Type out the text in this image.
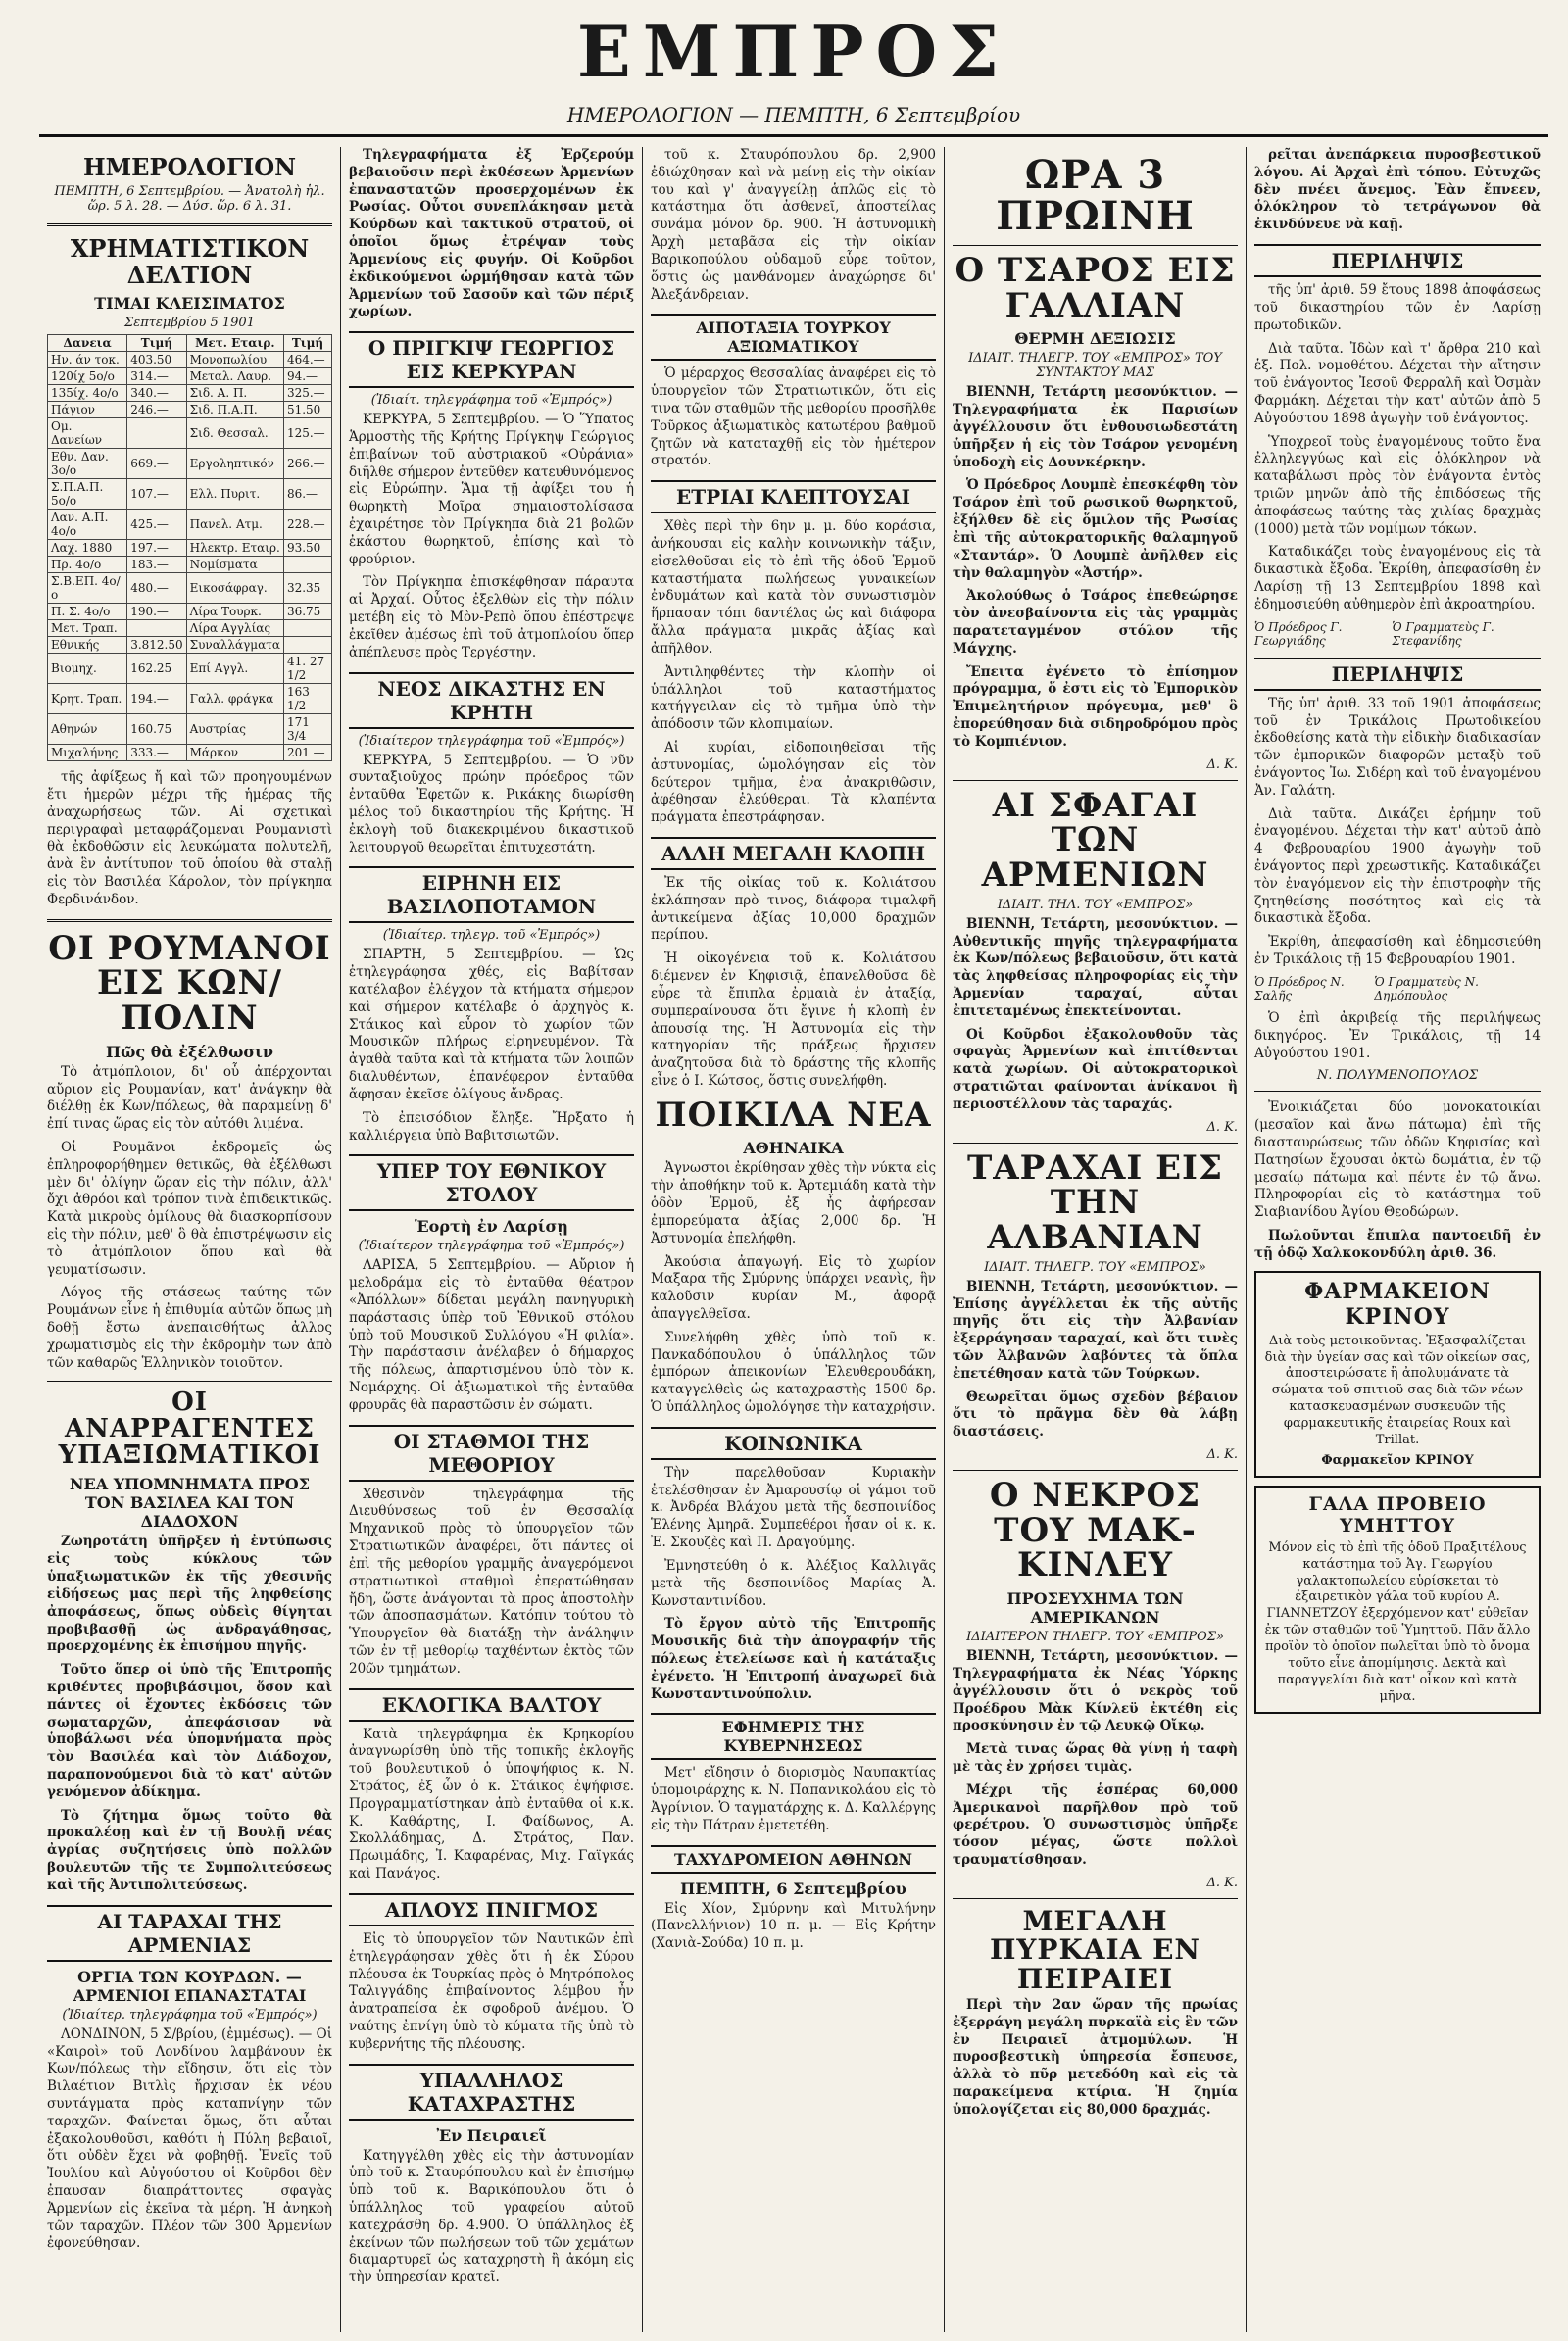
ΕΜΠΡΟΣ
ΗΜΕΡΟΛΟΓΙΟΝ — ΠΕΜΠΤΗ, 6 Σεπτεμβρίου
ΗΜΕΡΟΛΟΓΙΟΝ
ΠΕΜΠΤΗ, 6 Σεπτεμβρίου. — Ἀνατολὴ ἡλ. ὥρ. 5 λ. 28. — Δύσ. ὥρ. 6 λ. 31.
ΧΡΗΜΑΤΙΣΤΙΚΟΝ ΔΕΛΤΙΟΝ
ΤΙΜΑΙ ΚΛΕΙΣΙΜΑΤΟΣ
Σεπτεμβρίου 5 1901
Δανεια	Τιμή	Μετ. Εταιρ.	Τιμή
Ην. άν τοκ.	403.50	Μονοπωλίου	464.—
120ίχ 5ο/ο	314.—	Μεταλ. Λαυρ.	94.—
135ίχ. 4ο/ο	340.—	Σιδ. Α. Π.	325.—
Πάγιον	246.—	Σιδ. Π.Α.Π.	51.50
Ομ. Δανείων		Σιδ. Θεσσαλ.	125.—
Εθν. Δαν. 3ο/ο	669.—	Εργοληπτικόν	266.—
Σ.Π.Α.Π. 5ο/ο	107.—	Ελλ. Πυριτ.	86.—
Λαν. Α.Π. 4ο/ο	425.—	Πανελ. Ατμ.	228.—
Λαχ. 1880	197.—	Ηλεκτρ. Εταιρ.	93.50
Πρ. 4ο/ο	183.—	Νομίσματα	
Σ.Β.ΕΠ. 4ο/ο	480.—	Εικοσάφραγ.	32.35
Π. Σ. 4ο/ο	190.—	Λίρα Τουρκ.	36.75
Μετ. Τραπ.		Λίρα Αγγλίας	
Εθνικής	3.812.50	Συναλλάγματα	
Βιομηχ.	162.25	Επί Αγγλ.	41. 27 1/2
Κρητ. Τραπ.	194.—	Γαλλ. φράγκα	163 1/2
Αθηνών	160.75	Αυστρίας	171 3/4
Μιχαλήνης	333.—	Μάρκον	201 —
τῆς ἀφίξεως ἤ καὶ τῶν προηγουμένων ἔτι ἡμερῶν μέχρι τῆς ἡμέρας τῆς ἀναχωρήσεως τῶν. Αἱ σχετικαὶ περιγραφαὶ μεταφράζομεναι Ρουμανιστὶ θὰ ἐκδοθῶσιν εἰς λευκώματα πολυτελῆ, ἀνὰ ἓν ἀντίτυπον τοῦ ὁποίου θὰ σταλῇ εἰς τὸν Βασιλέα Κάρολον, τὸν πρίγκηπα Φερδινάνδον.
ΟΙ ΡΟΥΜΑΝΟΙ ΕΙΣ ΚΩΝ/ΠΟΛΙΝ
Πῶς θὰ ἐξέλθωσιν
Τὸ ἀτμόπλοιον, δι' οὗ ἀπέρχονται αὔριον εἰς Ρουμανίαν, κατ' ἀνάγκην θὰ διέλθῃ ἐκ Κων/πόλεως, θὰ παραμείνῃ δ' ἐπί τινας ὥρας εἰς τὸν αὐτόθι λιμένα.
Οἱ Ρουμᾶνοι ἐκδρομεῖς ὡς ἐπληροφορήθημεν θετικῶς, θὰ ἐξέλθωσι μὲν δι' ὀλίγην ὥραν εἰς τὴν πόλιν, ἀλλ' ὄχι ἀθρόοι καὶ τρόπον τινὰ ἐπιδεικτικῶς. Κατὰ μικροὺς ὁμίλους θὰ διασκορπίσουν εἰς τὴν πόλιν, μεθ' ὃ θὰ ἐπιστρέψωσιν εἰς τὸ ἀτμόπλοιον ὅπου καὶ θὰ γευματίσωσιν.
Λόγος τῆς στάσεως ταύτης τῶν Ρουμάνων εἶνε ἡ ἐπιθυμία αὐτῶν ὅπως μὴ δοθῇ ἔστω ἀνεπαισθήτως ἀλλος χρωματισμὸς εἰς τὴν ἐκδρομὴν των ἀπὸ τῶν καθαρῶς Ἑλληνικὸν τοιοῦτον.
ΟΙ ΑΝΑΡΡΑΓΕΝΤΕΣ ΥΠΑΞΙΩΜΑΤΙΚΟΙ
ΝΕΑ ΥΠΟΜΝΗΜΑΤΑ ΠΡΟΣ ΤΟΝ ΒΑΣΙΛΕΑ ΚΑΙ ΤΟΝ ΔΙΑΔΟΧΟΝ
Ζωηροτάτη ὑπῆρξεν ἡ ἐντύπωσις εἰς τοὺς κύκλους τῶν ὑπαξιωματικῶν ἐκ τῆς χθεσινῆς εἰδήσεως μας περὶ τῆς ληφθείσης ἀποφάσεως, ὅπως οὐδεὶς θίγηται προβιβασθῇ ὡς ἀνδραγάθησας, προερχομένης ἐκ ἐπισήμου πηγῆς.
Τοῦτο ὅπερ οἱ ὑπὸ τῆς Ἐπιτροπῆς κριθέντες προβιβάσιμοι, ὅσον καὶ πάντες οἱ ἔχοντες ἐκδόσεις τῶν σωματαρχῶν, ἀπεφάσισαν νὰ ὑποβάλωσι νέα ὑπομνήματα πρὸς τὸν Βασιλέα καὶ τὸν Διάδοχον, παραπονούμενοι διὰ τὸ κατ' αὐτῶν γενόμενον ἀδίκημα.
Τὸ ζήτημα ὅμως τοῦτο θὰ προκαλέσῃ καὶ ἐν τῇ Βουλῇ νέας ἀγρίας συζητήσεις ὑπὸ πολλῶν βουλευτῶν τῆς τε Συμπολιτεύσεως καὶ τῆς Ἀντιπολιτεύσεως.
ΑΙ ΤΑΡΑΧΑΙ ΤΗΣ ΑΡΜΕΝΙΑΣ
ΟΡΓΙΑ ΤΩΝ ΚΟΥΡΔΩΝ. — ΑΡΜΕΝΙΟΙ ΕΠΑΝΑΣΤΑΤΑΙ
(Ἰδιαίτερ. τηλεγράφημα τοῦ «Ἐμπρός»)
ΛΟΝΔΙΝΟΝ, 5 Σ/βρίου, (ἐμμέσως). — Οἱ «Καιροὶ» τοῦ Λονδίνου λαμβάνουν ἐκ Κων/πόλεως τὴν εἴδησιν, ὅτι εἰς τὸν Βιλαέτιον Βιτλὶς ἤρχισαν ἐκ νέου συντάγματα πρὸς καταπνίγην τῶν ταραχῶν. Φαίνεται ὅμως, ὅτι αὗται ἐξακολουθοῦσι, καθότι ἡ Πύλη βεβαιοῖ, ὅτι οὐδὲν ἔχει νὰ φοβηθῇ. Ἐνεῖς τοῦ Ἰουλίου καὶ Αὐγούστου οἱ Κοῦρδοι δὲν ἐπαυσαν διαπράττοντες σφαγὰς Ἀρμενίων εἰς ἐκεῖνα τὰ μέρη. Ἡ ἀνηκοὴ τῶν ταραχῶν. Πλέον τῶν 300 Ἀρμενίων ἐφονεύθησαν.
Τηλεγραφήματα ἐξ Ἐρζερούμ βεβαιοῦσιν περὶ ἐκθέσεων Ἀρμενίων ἐπαναστατῶν προσερχομένων ἐκ Ρωσίας. Οὗτοι συνεπλάκησαν μετὰ Κούρδων καὶ τακτικοῦ στρατοῦ, οἱ ὁποῖοι ὅμως ἐτρέψαν τοὺς Ἀρμενίους εἰς φυγήν. Οἱ Κοῦρδοι ἐκδικούμενοι ὡρμήθησαν κατὰ τῶν Ἀρμενίων τοῦ Σασοῦν καὶ τῶν πέριξ χωρίων.
Ο ΠΡΙΓΚΙΨ ΓΕΩΡΓΙΟΣ ΕΙΣ ΚΕΡΚΥΡΑΝ
(Ἰδιαίτ. τηλεγράφημα τοῦ «Ἐμπρός»)
ΚΕΡΚΥΡΑ, 5 Σεπτεμβρίου. — Ὁ Ὕπατος Ἁρμοστὴς τῆς Κρήτης Πρίγκηψ Γεώργιος ἐπιβαίνων τοῦ αὐστριακοῦ «Οὐράνια» διῆλθε σήμερον ἐντεῦθεν κατευθυνόμενος εἰς Εὐρώπην. Ἅμα τῇ ἀφίξει του ἡ θωρηκτὴ Μοῖρα σημαιοστολίσασα ἐχαιρέτησε τὸν Πρίγκηπα διὰ 21 βολῶν ἐκάστου θωρηκτοῦ, ἐπίσης καὶ τὸ φρούριον.
Τὸν Πρίγκηπα ἐπισκέφθησαν πάραυτα αἱ Ἀρχαί. Οὗτος ἐξελθὼν εἰς τὴν πόλιν μετέβη εἰς τὸ Μὸν-Ρεπὸ ὅπου ἐπέστρεψε ἐκεῖθεν ἀμέσως ἐπὶ τοῦ ἀτμοπλοίου ὅπερ ἀπέπλευσε πρὸς Τεργέστην.
ΝΕΟΣ ΔΙΚΑΣΤΗΣ ΕΝ ΚΡΗΤΗ
(Ἰδιαίτερον τηλεγράφημα τοῦ «Ἐμπρός»)
ΚΕΡΚΥΡΑ, 5 Σεπτεμβρίου. — Ὁ νῦν συνταξιοῦχος πρώην πρόεδρος τῶν ἐνταῦθα Ἐφετῶν κ. Ρικάκης διωρίσθη μέλος τοῦ δικαστηρίου τῆς Κρήτης. Ἡ ἐκλογὴ τοῦ διακεκριμένου δικαστικοῦ λειτουργοῦ θεωρεῖται ἐπιτυχεστάτη.
ΕΙΡΗΝΗ ΕΙΣ ΒΑΣΙΛΟΠΟΤΑΜΟΝ
(Ἰδιαίτερ. τηλεγρ. τοῦ «Ἐμπρός»)
ΣΠΑΡΤΗ, 5 Σεπτεμβρίου. — Ὡς ἐτηλεγράφησα χθές, εἰς Βαβίτσαν κατέλαβον ἐλέγχον τὰ κτήματα σήμερον καὶ σήμερον κατέλαβε ὁ ἀρχηγὸς κ. Στάικος καὶ εὗρον τὸ χωρίον τῶν Μουσικῶν πλήρως εἰρηνευμένον. Τὰ ἀγαθὰ ταῦτα καὶ τὰ κτήματα τῶν λοιπῶν διαλυθέντων, ἐπανέφερον ἐνταῦθα ἄφησαν ἐκεῖσε ὀλίγους ἄνδρας.
Τὸ ἐπεισόδιον ἔληξε. Ἤρξατο ἡ καλλιέργεια ὑπὸ Βαβιτσιωτῶν.
ΥΠΕΡ ΤΟΥ ΕΘΝΙΚΟΥ ΣΤΟΛΟΥ
Ἑορτὴ ἐν Λαρίσῃ
(Ἰδιαίτερον τηλεγράφημα τοῦ «Ἐμπρός»)
ΛΑΡΙΣΑ, 5 Σεπτεμβρίου. — Αὔριον ἡ μελοδράμα εἰς τὸ ἐνταῦθα θέατρον «Ἀπόλλων» δίδεται μεγάλη πανηγυρικὴ παράστασις ὑπὲρ τοῦ Ἐθνικοῦ στόλου ὑπὸ τοῦ Μουσικοῦ Συλλόγου «Ἡ φιλία». Τὴν παράστασιν ἀνέλαβεν ὁ δήμαρχος τῆς πόλεως, ἀπαρτισμένου ὑπὸ τὸν κ. Νομάρχης. Οἱ ἀξιωματικοὶ τῆς ἐνταῦθα φρουρᾶς θὰ παραστῶσιν ἐν σώματι.
ΟΙ ΣΤΑΘΜΟΙ ΤΗΣ ΜΕΘΟΡΙΟΥ
Χθεσινὸν τηλεγράφημα τῆς Διευθύνσεως τοῦ ἐν Θεσσαλίᾳ Μηχανικοῦ πρὸς τὸ ὑπουργεῖον τῶν Στρατιωτικῶν ἀναφέρει, ὅτι πάντες οἱ ἐπὶ τῆς μεθορίου γραμμῆς ἀναγερόμενοι στρατιωτικοὶ σταθμοὶ ἐπερατώθησαν ἤδη, ὥστε ἀνάγονται τὰ προς ἀποστολὴν τῶν ἀποσπασμάτων. Κατόπιν τούτου τὸ Ὑπουργεῖον θὰ διατάξῃ τὴν ἀνάληψιν τῶν ἐν τῇ μεθορίῳ ταχθέντων ἐκτὸς τῶν 20ῶν τμημάτων.
ΕΚΛΟΓΙΚΑ ΒΑΛΤΟΥ
Κατὰ τηλεγράφημα ἐκ Κρηκορίου ἀναγνωρίσθη ὑπὸ τῆς τοπικῆς ἐκλογῆς τοῦ βουλευτικοῦ ὁ ὑποψήφιος κ. Ν. Στράτος, ἐξ ὧν ὁ κ. Στάικος ἐψήφισε. Προγραμματίστηκαν ἀπὸ ἐνταῦθα οἱ κ.κ. Κ. Καθάρτης, Ι. Φαίδωνος, Α. Σκολλάδημας, Δ. Στράτος, Παν. Πρωιμάδης, Ἰ. Καφαρένας, Μιχ. Γαϊγκάς καὶ Πανάγος.
ΑΠΛΟΥΣ ΠΝΙΓΜΟΣ
Εἰς τὸ ὑπουργεῖον τῶν Ναυτικῶν ἐπὶ ἐτηλεγράφησαν χθὲς ὅτι ἡ ἐκ Σύρου πλέουσα ἐκ Τουρκίας πρὸς ὁ Μητρόπολος Ταλιγγάδης ἐπιβαίνοντος λέμβου ἦν ἀνατραπείσα ἐκ σφοδροῦ ἀνέμου. Ὁ ναύτης ἐπνίγη ὑπὸ τὸ κύματα τῆς ὑπὸ τὸ κυβερνήτης τῆς πλέουσης.
ΥΠΑΛΛΗΛΟΣ ΚΑΤΑΧΡΑΣΤΗΣ
Ἐν Πειραιεῖ
Κατηγγέλθη χθὲς εἰς τὴν ἀστυνομίαν ὑπὸ τοῦ κ. Σταυρόπουλου καὶ ἐν ἐπισήμῳ ὑπὸ τοῦ κ. Βαρικόπουλου ὅτι ὁ ὑπάλληλος τοῦ γραφείου αὐτοῦ κατεχράσθη δρ. 4.900. Ὁ ὑπάλληλος ἐξ ἐκείνων τῶν πωλήσεων τοῦ τῶν χεμάτων διαμαρτυρεῖ ὡς καταχρηστὴ ἢ ἀκόμη εἰς τὴν ὑπηρεσίαν κρατεῖ.
τοῦ κ. Σταυρόπουλου δρ. 2,900 ἐδιώχθησαν καὶ νὰ μείνῃ εἰς τὴν οἰκίαν του καὶ γ' ἀναγγείλῃ ἁπλῶς εἰς τὸ κατάστημα ὅτι ἀσθενεῖ, ἀποστείλας συνάμα μόνον δρ. 900. Ἡ ἀστυνομικὴ Ἀρχὴ μεταβᾶσα εἰς τὴν οἰκίαν Βαρικοπούλου οὐδαμοῦ εὗρε τοῦτον, ὅστις ὡς μανθάνομεν ἀναχώρησε δι' Ἀλεξάνδρειαν.
ΑΙΠΟΤΑΞΙΑ ΤΟΥΡΚΟΥ ΑΞΙΩΜΑΤΙΚΟΥ
Ὁ μέραρχος Θεσσαλίας ἀναφέρει εἰς τὸ ὑπουργεῖον τῶν Στρατιωτικῶν, ὅτι εἰς τινα τῶν σταθμῶν τῆς μεθορίου προσῆλθε Τοῦρκος ἀξιωματικὸς κατωτέρου βαθμοῦ ζητῶν νὰ καταταχθῇ εἰς τὸν ἡμέτερον στρατόν.
ΕΤΡΙΑΙ ΚΛΕΠΤΟΥΣΑΙ
Χθὲς περὶ τὴν 6ην μ. μ. δύο κοράσια, ἀνήκουσαι εἰς καλὴν κοινωνικὴν τάξιν, εἰσελθοῦσαι εἰς τὸ ἐπὶ τῆς ὁδοῦ Ἑρμοῦ καταστήματα πωλήσεως γυναικείων ἐνδυμάτων καὶ κατὰ τὸν συνωστισμὸν ἥρπασαν τόπι δαντέλας ὡς καὶ διάφορα ἄλλα πράγματα μικρᾶς ἀξίας καὶ ἀπῆλθον.
Ἀντιληφθέντες τὴν κλοπὴν οἱ ὑπάλληλοι τοῦ καταστήματος κατήγγειλαν εἰς τὸ τμῆμα ὑπὸ τὴν ἀπόδοσιν τῶν κλοπιμαίων.
Αἱ κυρίαι, εἰδοποιηθεῖσαι τῆς ἀστυνομίας, ὡμολόγησαν εἰς τὸν δεύτερον τμῆμα, ἐνα ἀνακριθῶσιν, ἀφέθησαν ἐλεύθεραι. Τὰ κλαπέντα πράγματα ἐπεστράφησαν.
ΑΛΛΗ ΜΕΓΑΛΗ ΚΛΟΠΗ
Ἐκ τῆς οἰκίας τοῦ κ. Κολιάτσου ἐκλάπησαν πρὸ τινος, διάφορα τιμαλφῆ ἀντικείμενα ἀξίας 10,000 δραχμῶν περίπου.
Ἡ οἰκογένεια τοῦ κ. Κολιάτσου διέμενεν ἐν Κηφισιᾷ, ἐπανελθοῦσα δὲ εὗρε τὰ ἔπιπλα ἐρμαιὰ ἐν ἀταξίᾳ, συμπεραίνουσα ὅτι ἔγινε ἡ κλοπὴ ἐν ἀπουσίᾳ της. Ἡ Ἀστυνομία εἰς τὴν κατηγορίαν τῆς πράξεως ἤρχισεν ἀναζητοῦσα διὰ τὸ δράστης τῆς κλοπῆς εἶνε ὁ Ι. Κώτσος, ὅστις συνελήφθη.
ΠΟΙΚΙΛΑ ΝΕΑ
ΑΘΗΝΑΙΚΑ
Ἀγνωστοι ἐκρίθησαν χθὲς τὴν νύκτα εἰς τὴν ἀποθήκην τοῦ κ. Ἀρτεμιάδη κατὰ τὴν ὁδὸν Ἑρμοῦ, ἐξ ἧς ἀφήρεσαν ἐμπορεύματα ἀξίας 2,000 δρ. Ἡ Ἀστυνομία ἐπελήφθη.
Ἀκούσια ἀπαγωγή. Εἰς τὸ χωρίον Μαξαρα τῆς Σμύρνης ὑπάρχει νεανὶς, ἣν καλοῦσιν κυρίαν Μ., ἀφορᾷ ἀπαγγελθεῖσα.
Συνελήφθη χθὲς ὑπὸ τοῦ κ. Πανκαδόπουλου ὁ ὑπάλληλος τῶν ἐμπόρων ἀπεικονίων Ἐλευθερουδάκη, καταγγελθεὶς ὡς καταχραστὴς 1500 δρ. Ὁ ὑπάλληλος ὡμολόγησε τὴν καταχρήσιν.
ΚΟΙΝΩΝΙΚΑ
Τὴν παρελθοῦσαν Κυριακὴν ἐτελέσθησαν ἐν Ἀμαρουσίῳ οἱ γάμοι τοῦ κ. Ἀνδρέα Βλάχου μετὰ τῆς δεσποινίδος Ἑλένης Ἀμηρᾶ. Συμπεθέροι ἦσαν οἱ κ. κ. Ἐ. Σκουζὲς καὶ Π. Δραγούμης.
Ἐμνηστεύθη ὁ κ. Ἀλέξιος Καλλιγᾶς μετὰ τῆς δεσποινίδος Μαρίας Ἀ. Κωνσταντινίδου.
Τὸ ἔργον αὐτὸ τῆς Ἐπιτροπῆς Μουσικῆς διὰ τὴν ἀπογραφήν τῆς πόλεως ἐτελείωσε καὶ ἡ κατάταξις ἐγένετο. Ἡ Ἐπιτροπή ἀναχωρεῖ διὰ Κωνσταντινούπολιν.
ΕΦΗΜΕΡΙΣ ΤΗΣ ΚΥΒΕΡΝΗΣΕΩΣ
Μετ' εἴδησιν ὁ διορισμὸς Ναυπακτίας ὑπομοιράρχης κ. Ν. Παπανικολάου εἰς τὸ Ἀγρίνιον. Ὁ ταγματάρχης κ. Δ. Καλλέργης εἰς τὴν Πάτραν ἐμετετέθη.
ΤΑΧΥΔΡΟΜΕΙΟΝ ΑΘΗΝΩΝ
ΠΕΜΠΤΗ, 6 Σεπτεμβρίου
Εἰς Χίον, Σμύρνην καὶ Μιτυλήνην (Πανελλήνιον) 10 π. μ. — Εἰς Κρήτην (Χανιὰ-Σούδα) 10 π. μ.
ΩΡΑ 3 ΠΡΩΙΝΗ
Ο ΤΣΑΡΟΣ ΕΙΣ ΓΑΛΛΙΑΝ
ΘΕΡΜΗ ΔΕΞΙΩΣΙΣ
ΙΔΙΑΙΤ. ΤΗΛΕΓΡ. ΤΟΥ «ΕΜΠΡΟΣ» ΤΟΥ ΣΥΝΤΑΚΤΟΥ ΜΑΣ
ΒΙΕΝΝΗ, Τετάρτη μεσονύκτιον. — Τηλεγραφήματα ἐκ Παρισίων ἀγγέλλουσιν ὅτι ἐνθουσιωδεστάτη ὑπῆρξεν ἡ εἰς τὸν Τσάρον γενομένη ὑποδοχὴ εἰς Δουνκέρκην.
Ὁ Πρόεδρος Λουμπὲ ἐπεσκέφθη τὸν Τσάρον ἐπὶ τοῦ ρωσικοῦ θωρηκτοῦ, ἐξήλθεν δὲ εἰς ὅμιλον τῆς Ρωσίας ἐπὶ τῆς αὐτοκρατορικῆς θαλαμηγοῦ «Σταντάρ». Ὁ Λουμπὲ ἀνῆλθεν εἰς τὴν θαλαμηγὸν «Ἀστήρ».
Ἀκολούθως ὁ Τσάρος ἐπεθεώρησε τὸν ἀνεσβαίνοντα εἰς τὰς γραμμὰς παρατεταγμένον στόλον τῆς Μάγχης.
Ἔπειτα ἐγένετο τὸ ἐπίσημον πρόγραμμα, ὅ ἐστι εἰς τὸ Ἐμπορικὸν Ἐπιμελητήριον πρόγευμα, μεθ' ὃ ἐπορεύθησαν διὰ σιδηροδρόμου πρὸς τὸ Κομπιένιον.
Δ. Κ.
ΑΙ ΣΦΑΓΑΙ ΤΩΝ ΑΡΜΕΝΙΩΝ
ΙΔΙΑΙΤ. ΤΗΛ. ΤΟΥ «ΕΜΠΡΟΣ»
ΒΙΕΝΝΗ, Τετάρτη, μεσονύκτιον. — Αὐθεντικῆς πηγῆς τηλεγραφήματα ἐκ Κων/πόλεως βεβαιοῦσιν, ὅτι κατὰ τὰς ληφθείσας πληροφορίας εἰς τὴν Ἀρμενίαν ταραχαί, αὗται ἐπιτεταμένως ἐπεκτείνονται.
Οἱ Κοῦρδοι ἐξακολουθοῦν τὰς σφαγὰς Ἀρμενίων καὶ ἐπιτίθενται κατὰ χωρίων. Οἱ αὐτοκρατορικοὶ στρατιῶται φαίνονται ἀνίκανοι ἢ περιοστέλλουν τὰς ταραχάς.
Δ. Κ.
ΤΑΡΑΧΑΙ ΕΙΣ ΤΗΝ ΑΛΒΑΝΙΑΝ
ΙΔΙΑΙΤ. ΤΗΛΕΓΡ. ΤΟΥ «ΕΜΠΡΟΣ»
ΒΙΕΝΝΗ, Τετάρτη, μεσονύκτιον. — Ἐπίσης ἀγγέλλεται ἐκ τῆς αὐτῆς πηγῆς ὅτι εἰς τὴν Ἀλβανίαν ἐξερράγησαν ταραχαί, καὶ ὅτι τινὲς τῶν Ἀλβανῶν λαβόντες τὰ ὅπλα ἐπετέθησαν κατὰ τῶν Τούρκων.
Θεωρεῖται ὅμως σχεδὸν βέβαιον ὅτι τὸ πρᾶγμα δὲν θὰ λάβῃ διαστάσεις.
Δ. Κ.
Ο ΝΕΚΡΟΣ ΤΟΥ ΜΑΚ-ΚΙΝΛΕΥ
ΠΡΟΣΕΥΧΗΜΑ ΤΩΝ ΑΜΕΡΙΚΑΝΩΝ
ΙΔΙΑΙΤΕΡΟΝ ΤΗΛΕΓΡ. ΤΟΥ «ΕΜΠΡΟΣ»
ΒΙΕΝΝΗ, Τετάρτη, μεσονύκτιον. — Τηλεγραφήματα ἐκ Νέας Ὑόρκης ἀγγέλλουσιν ὅτι ὁ νεκρὸς τοῦ Προέδρου Μὰκ Κίνλεϋ ἐκτέθη εἰς προσκύνησιν ἐν τῷ Λευκῷ Οἴκῳ.
Μετὰ τινας ὥρας θὰ γίνῃ ἡ ταφὴ μὲ τὰς ἐν χρήσει τιμὰς.
Μέχρι τῆς ἑσπέρας 60,000 Ἀμερικανοὶ παρῆλθον πρὸ τοῦ φερέτρου. Ὁ συνωστισμὸς ὑπῆρξε τόσον μέγας, ὥστε πολλοὶ τραυματίσθησαν.
Δ. Κ.
ΜΕΓΑΛΗ ΠΥΡΚΑΙΑ ΕΝ ΠΕΙΡΑΙΕΙ
Περὶ τὴν 2αν ὥραν τῆς πρωίας ἐξερράγη μεγάλη πυρκαϊὰ εἰς ἓν τῶν ἐν Πειραιεῖ ἀτμομύλων. Ἡ πυροσβεστικὴ ὑπηρεσία ἔσπευσε, ἀλλὰ τὸ πῦρ μετεδόθη καὶ εἰς τὰ παρακείμενα κτίρια. Ἡ ζημία ὑπολογίζεται εἰς 80,000 δραχμάς.
ρεῖται ἀνεπάρκεια πυροσβεστικοῦ λόγου. Αἱ Ἀρχαὶ ἐπὶ τόπου. Εὐτυχῶς δὲν πνέει ἄνεμος. Ἐὰν ἔπνεεν, ὁλόκληρον τὸ τετράγωνον θὰ ἐκινδύνευε νὰ καῇ.
ΠΕΡΙΛΗΨΙΣ
τῆς ὑπ' ἀριθ. 59 ἔτους 1898 ἀποφάσεως τοῦ δικαστηρίου τῶν ἐν Λαρίσῃ πρωτοδικῶν.
Διὰ ταῦτα. Ἰδὼν καὶ τ' ἄρθρα 210 καὶ ἑξ. Πολ. νομοθέτου. Δέχεται τὴν αἴτησιν τοῦ ἐνάγοντος Ἰεσοῦ Φερραλῆ καὶ Ὀσμὰν Φαρμάκη. Δέχεται τὴν κατ' αὐτῶν ἀπὸ 5 Αὐγούστου 1898 ἀγωγὴν τοῦ ἐνάγοντος.
Ὑποχρεοῖ τοὺς ἐναγομένους τοῦτο ἔνα ἐλληλεγγύως καὶ εἰς ὁλόκληρον νὰ καταβάλωσι πρὸς τὸν ἐνάγοντα ἐντὸς τριῶν μηνῶν ἀπὸ τῆς ἐπιδόσεως τῆς ἀποφάσεως ταύτης τὰς χιλίας δραχμὰς (1000) μετὰ τῶν νομίμων τόκων.
Καταδικάζει τοὺς ἐναγομένους εἰς τὰ δικαστικὰ ἔξοδα. Ἐκρίθη, ἀπεφασίσθη ἐν Λαρίσῃ τῇ 13 Σεπτεμβρίου 1898 καὶ ἐδημοσιεύθη αὐθημερὸν ἐπὶ ἀκροατηρίου.
Ὁ Πρόεδρος Γ. Γεωργιάδης
Ὁ Γραμματεὺς Γ. Στεφανίδης
ΠΕΡΙΛΗΨΙΣ
Τῆς ὑπ' ἀριθ. 33 τοῦ 1901 ἀποφάσεως τοῦ ἐν Τρικάλοις Πρωτοδικείου ἐκδοθείσης κατὰ τὴν εἰδικὴν διαδικασίαν τῶν ἐμπορικῶν διαφορῶν μεταξὺ τοῦ ἐνάγοντος Ἰω. Σιδέρη καὶ τοῦ ἐναγομένου Ἀν. Γαλάτη.
Διὰ ταῦτα. Δικάζει ἐρήμην τοῦ ἐναγομένου. Δέχεται τὴν κατ' αὐτοῦ ἀπὸ 4 Φεβρουαρίου 1900 ἀγωγὴν τοῦ ἐνάγοντος περὶ χρεωστικῆς. Καταδικάζει τὸν ἐναγόμενον εἰς τὴν ἐπιστροφὴν τῆς ζητηθείσης ποσότητος καὶ εἰς τὰ δικαστικὰ ἔξοδα.
Ἐκρίθη, ἀπεφασίσθη καὶ ἐδημοσιεύθη ἐν Τρικάλοις τῇ 15 Φεβρουαρίου 1901.
Ὁ Πρόεδρος Ν. Σαλῆς
Ὁ Γραμματεὺς Ν. Δημόπουλος
Ὁ ἐπὶ ἀκριβείᾳ τῆς περιλήψεως δικηγόρος. Ἐν Τρικάλοις, τῇ 14 Αὐγούστου 1901.
Ν. ΠΟΛΥΜΕΝΟΠΟΥΛΟΣ
Ἐνοικιάζεται δύο μονοκατοικίαι (μεσαῖον καὶ ἄνω πάτωμα) ἐπὶ τῆς διασταυρώσεως τῶν ὁδῶν Κηφισίας καὶ Πατησίων ἔχουσαι ὀκτὼ δωμάτια, ἐν τῷ μεσαίῳ πάτωμα καὶ πέντε ἐν τῷ ἄνω. Πληροφορίαι εἰς τὸ κατάστημα τοῦ Σιαβιανίδου Ἀγίου Θεοδώρων.
Πωλοῦνται ἔπιπλα παντοειδῆ ἐν τῇ ὁδῷ Χαλκοκονδύλη ἀριθ. 36.
ΦΑΡΜΑΚΕΙΟΝ ΚΡΙΝΟΥ
Διὰ τοὺς μετοικοῦντας. Ἐξασφαλίζεται διὰ τὴν ὑγείαν σας καὶ τῶν οἰκείων σας, ἀποστειρώσατε ἢ ἀπολυμάνατε τὰ σώματα τοῦ σπιτιοῦ σας διὰ τῶν νέων κατασκευασμένων συσκευῶν τῆς φαρμακευτικῆς ἐταιρείας Roux καὶ Trillat.
Φαρμακεῖον ΚΡΙΝΟΥ
ΓΑΛΑ ΠΡΟΒΕΙΟ ΥΜΗΤΤΟΥ
Μόνον εἰς τὸ ἐπὶ τῆς ὁδοῦ Πραξιτέλους κατάστημα τοῦ Ἀγ. Γεωργίου γαλακτοπωλείου εὑρίσκεται τὸ ἐξαιρετικὸν γάλα τοῦ κυρίου Α. ΓΙΑΝΝΕΤΖΟΥ ἐξερχόμενον κατ' εὐθεῖαν ἐκ τῶν σταθμῶν τοῦ Ὑμηττοῦ. Πᾶν ἄλλο προϊὸν τὸ ὁποῖον πωλεῖται ὑπὸ τὸ ὄνομα τοῦτο εἶνε ἀπομίμησις. Δεκτὰ καὶ παραγγελίαι διὰ κατ' οἶκον καὶ κατὰ μῆνα.
